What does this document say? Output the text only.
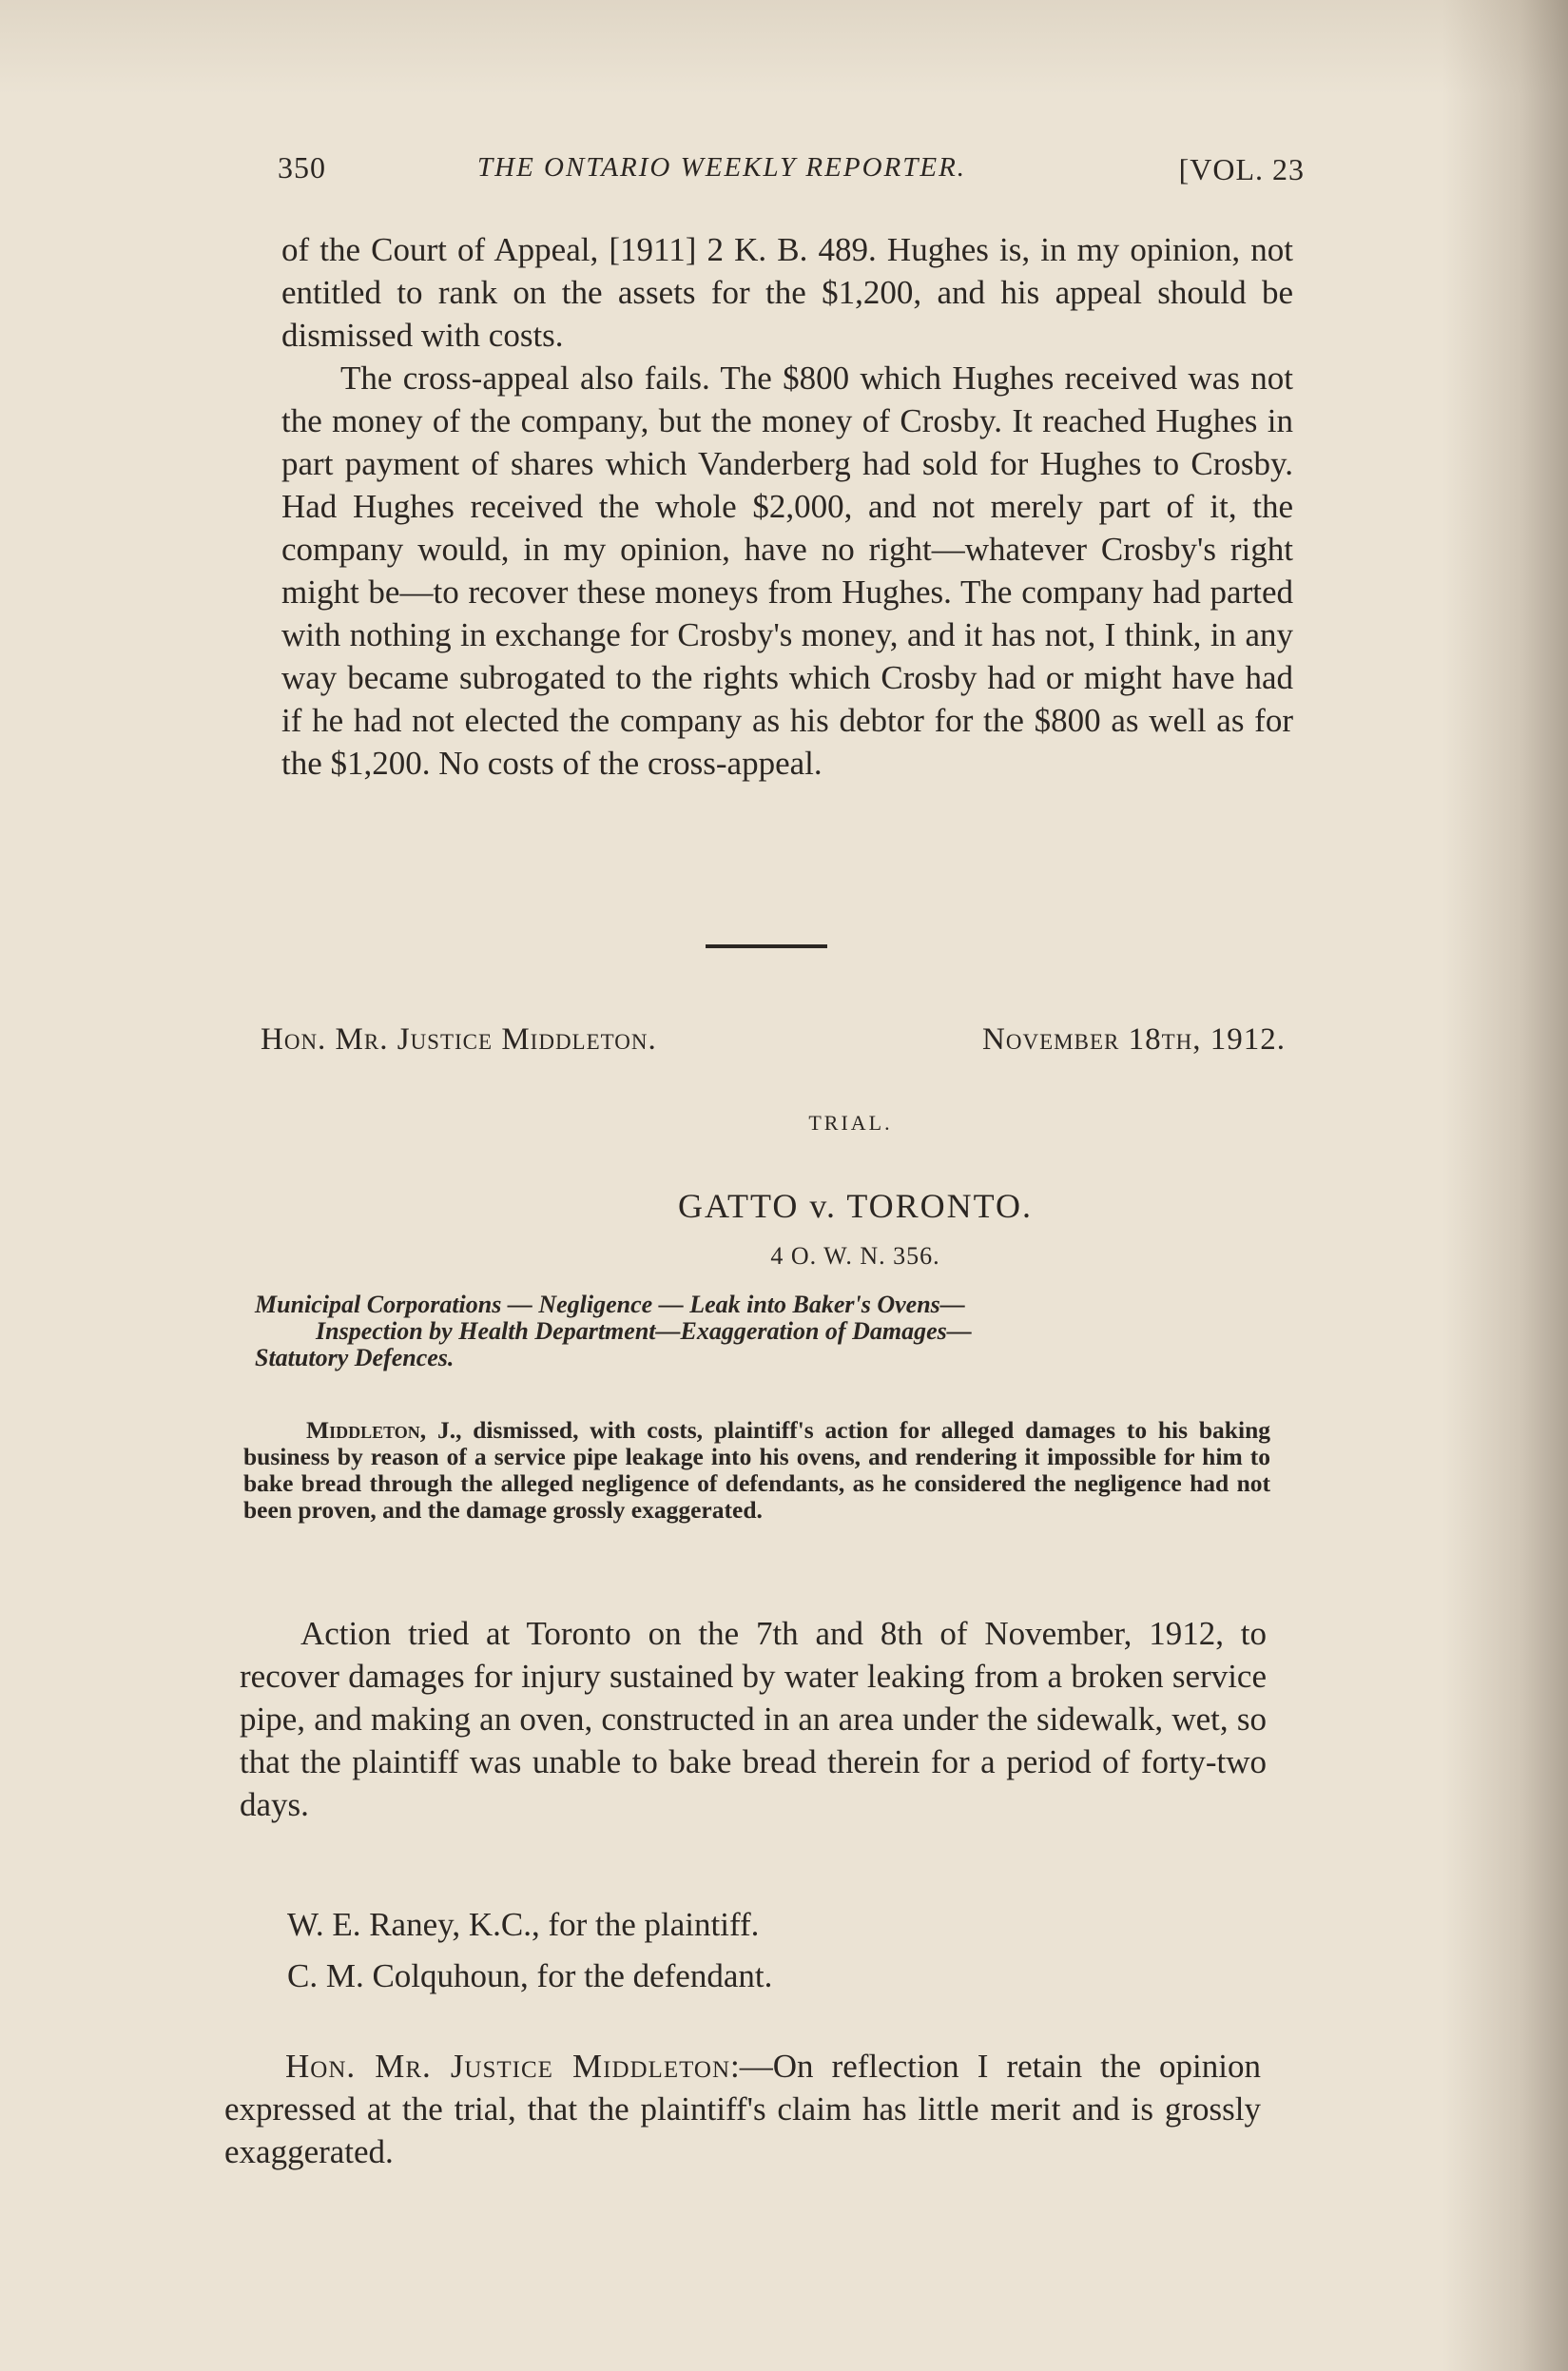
350	THE ONTARIO WEEKLY REPORTER.	[VOL. 23

of the Court of Appeal, [1911] 2 K. B. 489. Hughes is, in my opinion, not entitled to rank on the assets for the $1,200, and his appeal should be dismissed with costs.

The cross-appeal also fails. The $800 which Hughes received was not the money of the company, but the money of Crosby. It reached Hughes in part payment of shares which Vanderberg had sold for Hughes to Crosby. Had Hughes received the whole $2,000, and not merely part of it, the company would, in my opinion, have no right—whatever Crosby's right might be—to recover these moneys from Hughes. The company had parted with nothing in exchange for Crosby's money, and it has not, I think, in any way became subrogated to the rights which Crosby had or might have had if he had not elected the company as his debtor for the $800 as well as for the $1,200. No costs of the cross-appeal.

Hon. Mr. Justice Middleton.	November 18th, 1912.
TRIAL.
GATTO v. TORONTO.
4 O. W. N. 356.

Municipal Corporations — Negligence — Leak into Baker's Ovens—
Inspection by Health Department—Exaggeration of Damages—
Statutory Defences.

Middleton, J., dismissed, with costs, plaintiff's action for alleged damages to his baking business by reason of a service pipe leakage into his ovens, and rendering it impossible for him to bake bread through the alleged negligence of defendants, as he considered the negligence had not been proven, and the damage grossly exaggerated.

Action tried at Toronto on the 7th and 8th of November, 1912, to recover damages for injury sustained by water leaking from a broken service pipe, and making an oven, constructed in an area under the sidewalk, wet, so that the plaintiff was unable to bake bread therein for a period of forty-two days.

W. E. Raney, K.C., for the plaintiff.

C. M. Colquhoun, for the defendant.

Hon. Mr. Justice Middleton:—On reflection I retain the opinion expressed at the trial, that the plaintiff's claim has little merit and is grossly exaggerated.
